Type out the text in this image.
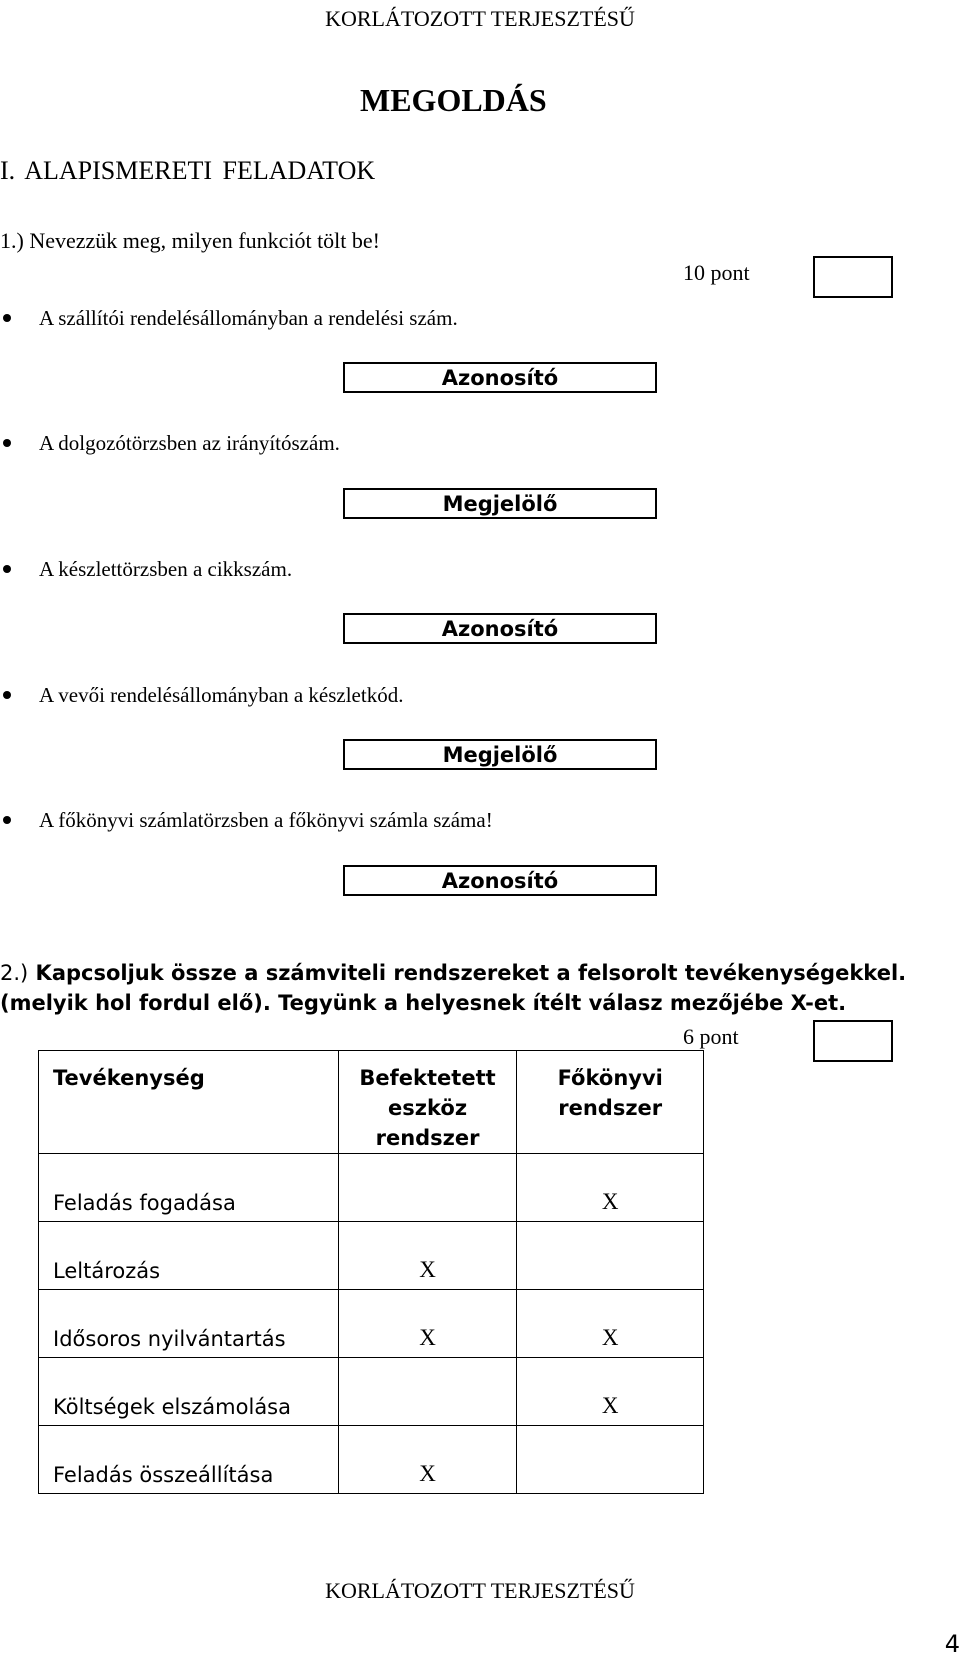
KORLÁTOZOTT TERJESZTÉSŰ
MEGOLDÁS
I. ALAPISMERETI FELADATOK
1.) Nevezzük meg, milyen funkciót tölt be!
10 pont
A szállítói rendelésállományban a rendelési szám.
Azonosító
A dolgozótörzsben az irányítószám.
Megjelölő
A készlettörzsben a cikkszám.
Azonosító
A vevői rendelésállományban a készletkód.
Megjelölő
A főkönyvi számlatörzsben a főkönyvi számla száma!
Azonosító
2.) Kapcsoljuk össze a számviteli rendszereket a felsorolt tevékenységekkel. (melyik hol fordul elő). Tegyünk a helyesnek ítélt válasz mezőjébe X-et.
6 pont
Tevékenység	Befektetett eszköz rendszer	Főkönyvi rendszer
Feladás fogadása		X
Leltározás	X	
Idősoros nyilvántartás	X	X
Költségek elszámolása		X
Feladás összeállítása	X	
KORLÁTOZOTT TERJESZTÉSŰ
4
